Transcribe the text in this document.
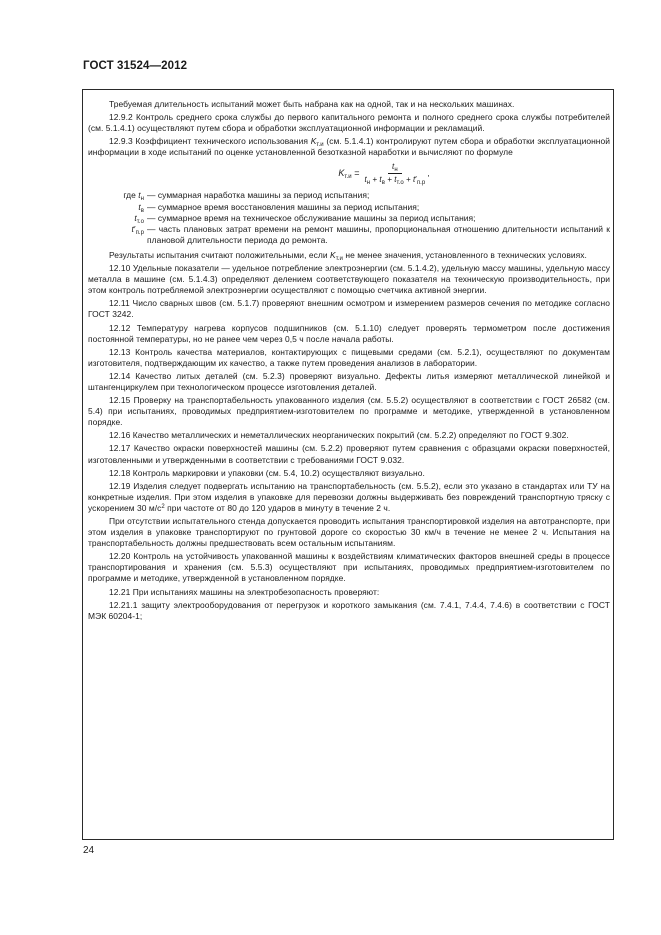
ГОСТ 31524—2012

Требуемая длительность испытаний может быть набрана как на одной, так и на нескольких машинах.

12.9.2 Контроль среднего срока службы до первого капитального ремонта и полного среднего срока службы потребителей (см. 5.1.4.1) осуществляют путем сбора и обработки эксплуатационной информации и рекламаций.

12.9.3 Коэффициент технического использования $K_{т.и}$ (см. 5.1.4.1) контролируют путем сбора и обработки эксплуатационной информации в ходе испытаний по оценке установленной безотказной наработки и вычисляют по формуле

$K_{т.и} = \frac{t_н}{t_н + t_в + t_{т.о} + t'_{п.р}}$ ,
где $t_н$ — суммарная наработка машины за период испытания;
$t_в$ — суммарное время восстановления машины за период испытания;
$t_{т.о}$ — суммарное время на техническое обслуживание машины за период испытания;
$t'_{п.р}$ — часть плановых затрат времени на ремонт машины, пропорциональная отношению длительности испытаний к плановой длительности периода до ремонта.

Результаты испытания считают положительными, если $K_{т.и}$ не менее значения, установленного в технических условиях.

12.10 Удельные показатели — удельное потребление электроэнергии (см. 5.1.4.2), удельную массу машины, удельную массу металла в машине (см. 5.1.4.3) определяют делением соответствующего показателя на техническую производительность, при этом контроль потребляемой электроэнергии осуществляют с помощью счетчика активной энергии.

12.11 Число сварных швов (см. 5.1.7) проверяют внешним осмотром и измерением размеров сечения по методике согласно ГОСТ 3242.

12.12 Температуру нагрева корпусов подшипников (см. 5.1.10) следует проверять термометром после достижения постоянной температуры, но не ранее чем через 0,5 ч после начала работы.

12.13 Контроль качества материалов, контактирующих с пищевыми средами (см. 5.2.1), осуществляют по документам изготовителя, подтверждающим их качество, а также путем проведения анализов в лаборатории.

12.14 Качество литых деталей (см. 5.2.3) проверяют визуально. Дефекты литья измеряют металлической линейкой и штангенциркулем при технологическом процессе изготовления деталей.

12.15 Проверку на транспортабельность упакованного изделия (см. 5.5.2) осуществляют в соответствии с ГОСТ 26582 (см. 5.4) при испытаниях, проводимых предприятием-изготовителем по программе и методике, утвержденной в установленном порядке.

12.16 Качество металлических и неметаллических неорганических покрытий (см. 5.2.2) определяют по ГОСТ 9.302.

12.17 Качество окраски поверхностей машины (см. 5.2.2) проверяют путем сравнения с образцами окраски поверхностей, изготовленными и утвержденными в соответствии с требованиями ГОСТ 9.032.

12.18 Контроль маркировки и упаковки (см. 5.4, 10.2) осуществляют визуально.

12.19 Изделия следует подвергать испытанию на транспортабельность (см. 5.5.2), если это указано в стандартах или ТУ на конкретные изделия. При этом изделия в упаковке для перевозки должны выдерживать без повреждений транспортную тряску с ускорением 30 $м/с^2$ при частоте от 80 до 120 ударов в минуту в течение 2 ч.

При отсутствии испытательного стенда допускается проводить испытания транспортировкой изделия на автотранспорте, при этом изделия в упаковке транспортируют по грунтовой дороге со скоростью 30 км/ч в течение не менее 2 ч. Испытания на транспортабельность должны предшествовать всем остальным испытаниям.

12.20 Контроль на устойчивость упакованной машины к воздействиям климатических факторов внешней среды в процессе транспортирования и хранения (см. 5.5.3) осуществляют при испытаниях, проводимых предприятием-изготовителем по программе и методике, утвержденной в установленном порядке.

12.21 При испытаниях машины на электробезопасность проверяют:

12.21.1 защиту электрооборудования от перегрузок и короткого замыкания (см. 7.4.1, 7.4.4, 7.4.6) в соответствии с ГОСТ МЭК 60204-1;

24
